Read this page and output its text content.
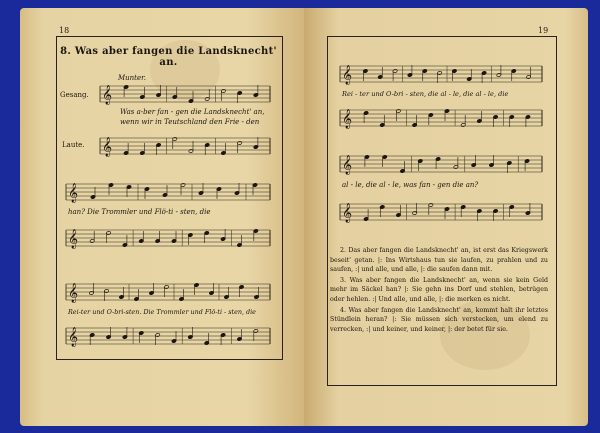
18	19
8. Was aber fangen die Landsknecht' an.
Munter.
Gesang.
Laute.
𝄞
𝄞
𝄞
𝄞
𝄞
𝄞
𝄞
𝄞
𝄞
𝄞
Was a-ber fan - gen die Landsknecht' an,
wenn wir in Teutschland den Frie - den
han? Die Trommler und Flö-ti - sten, die
Rei-ter und O-bri-sten. Die Trommler und Flö-ti - sten, die
Rei - ter und O-bri - sten, die al - le, die al - le, die
al - le, die al - le, was fan - gen die an?

2. Das aber fangen die Landsknecht' an, ist erst das Kriegswerk beseit' getan. |: Ins Wirtshaus tun sie laufen, zu prahlen und zu saufen, :| und alle, und alle, |: die saufen dann mit.

3. Was aber fangen die Landsknecht' an, wenn sie kein Geld mehr im Säckel han? |: Sie gehn ins Dorf und stehlen, betrügen oder hehlen. :| Und alle, und alle, |: die merken es nicht.

4. Was aber fangen die Landsknecht' an, kommt halt ihr letztes Stündlein heran? |: Sie müssen sich verstecken, um elend zu verrecken, :| und keiner, und keiner, |: der betet für sie.
